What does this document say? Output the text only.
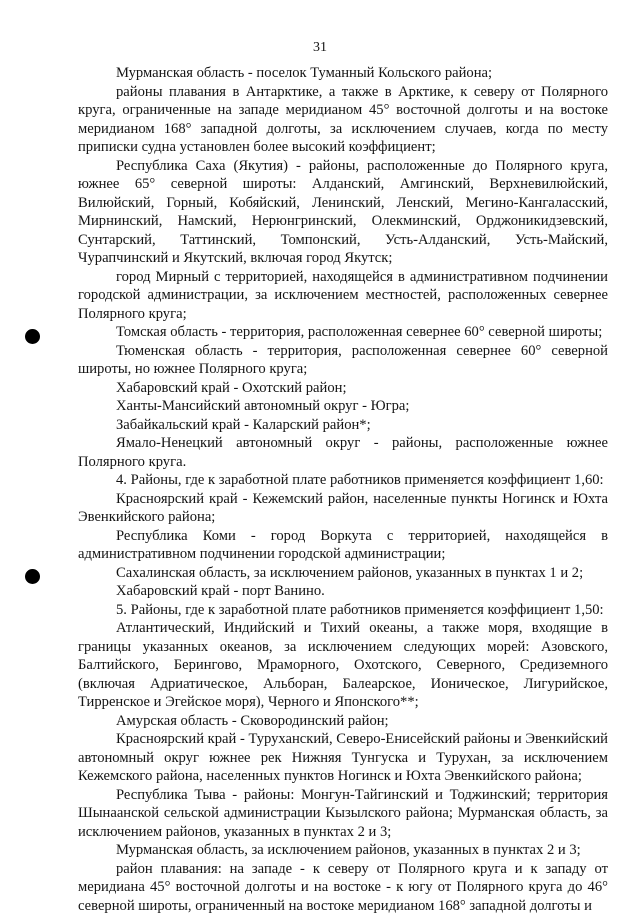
31

Мурманская область - поселок Туманный Кольского района;

районы плавания в Антарктике, а также в Арктике, к северу от Полярного круга, ограниченные на западе меридианом 45° восточной долготы и на востоке меридианом 168° западной долготы, за исключением случаев, когда по месту приписки судна установлен более высокий коэффициент;

Республика Саха (Якутия) - районы, расположенные до Полярного круга, южнее 65° северной широты: Алданский, Амгинский, Верхневилюйский, Вилюйский, Горный, Кобяйский, Ленинский, Ленский, Мегино-Кангаласский, Мирнинский, Намский, Нерюнгринский, Олекминский, Орджоникидзевский, Сунтарский, Таттинский, Томпонский, Усть-Алданский, Усть-Майский, Чурапчинский и Якутский, включая город Якутск;

город Мирный с территорией, находящейся в административном подчинении городской администрации, за исключением местностей, расположенных севернее Полярного круга;

Томская область - территория, расположенная севернее 60° северной широты;

Тюменская область - территория, расположенная севернее 60° северной широты, но южнее Полярного круга;

Хабаровский край - Охотский район;

Ханты-Мансийский автономный округ - Югра;

Забайкальский край - Каларский район*;

Ямало-Ненецкий автономный округ - районы, расположенные южнее Полярного круга.

4. Районы, где к заработной плате работников применяется коэффициент 1,60:

Красноярский край - Кежемский район, населенные пункты Ногинск и Юхта Эвенкийского района;

Республика Коми - город Воркута с территорией, находящейся в административном подчинении городской администрации;

Сахалинская область, за исключением районов, указанных в пунктах 1 и 2;

Хабаровский край - порт Ванино.

5. Районы, где к заработной плате работников применяется коэффициент 1,50:

Атлантический, Индийский и Тихий океаны, а также моря, входящие в границы указанных океанов, за исключением следующих морей: Азовского, Балтийского, Берингово, Мраморного, Охотского, Северного, Средиземного (включая Адриатическое, Альборан, Балеарское, Ионическое, Лигурийское, Тирренское и Эгейское моря), Черного и Японского**;

Амурская область - Сковородинский район;

Красноярский край - Туруханский, Северо-Енисейский районы и Эвенкийский автономный округ южнее рек Нижняя Тунгуска и Турухан, за исключением Кежемского района, населенных пунктов Ногинск и Юхта Эвенкийского района;

Республика Тыва - районы: Монгун-Тайгинский и Тоджинский; территория Шынаанской сельской администрации Кызылского района; Мурманская область, за исключением районов, указанных в пунктах 2 и 3;

Мурманская область, за исключением районов, указанных в пунктах 2 и 3;

район плавания: на западе - к северу от Полярного круга и к западу от меридиана 45° восточной долготы и на востоке - к югу от Полярного круга до 46° северной широты, ограниченный на востоке меридианом 168° западной долготы и
